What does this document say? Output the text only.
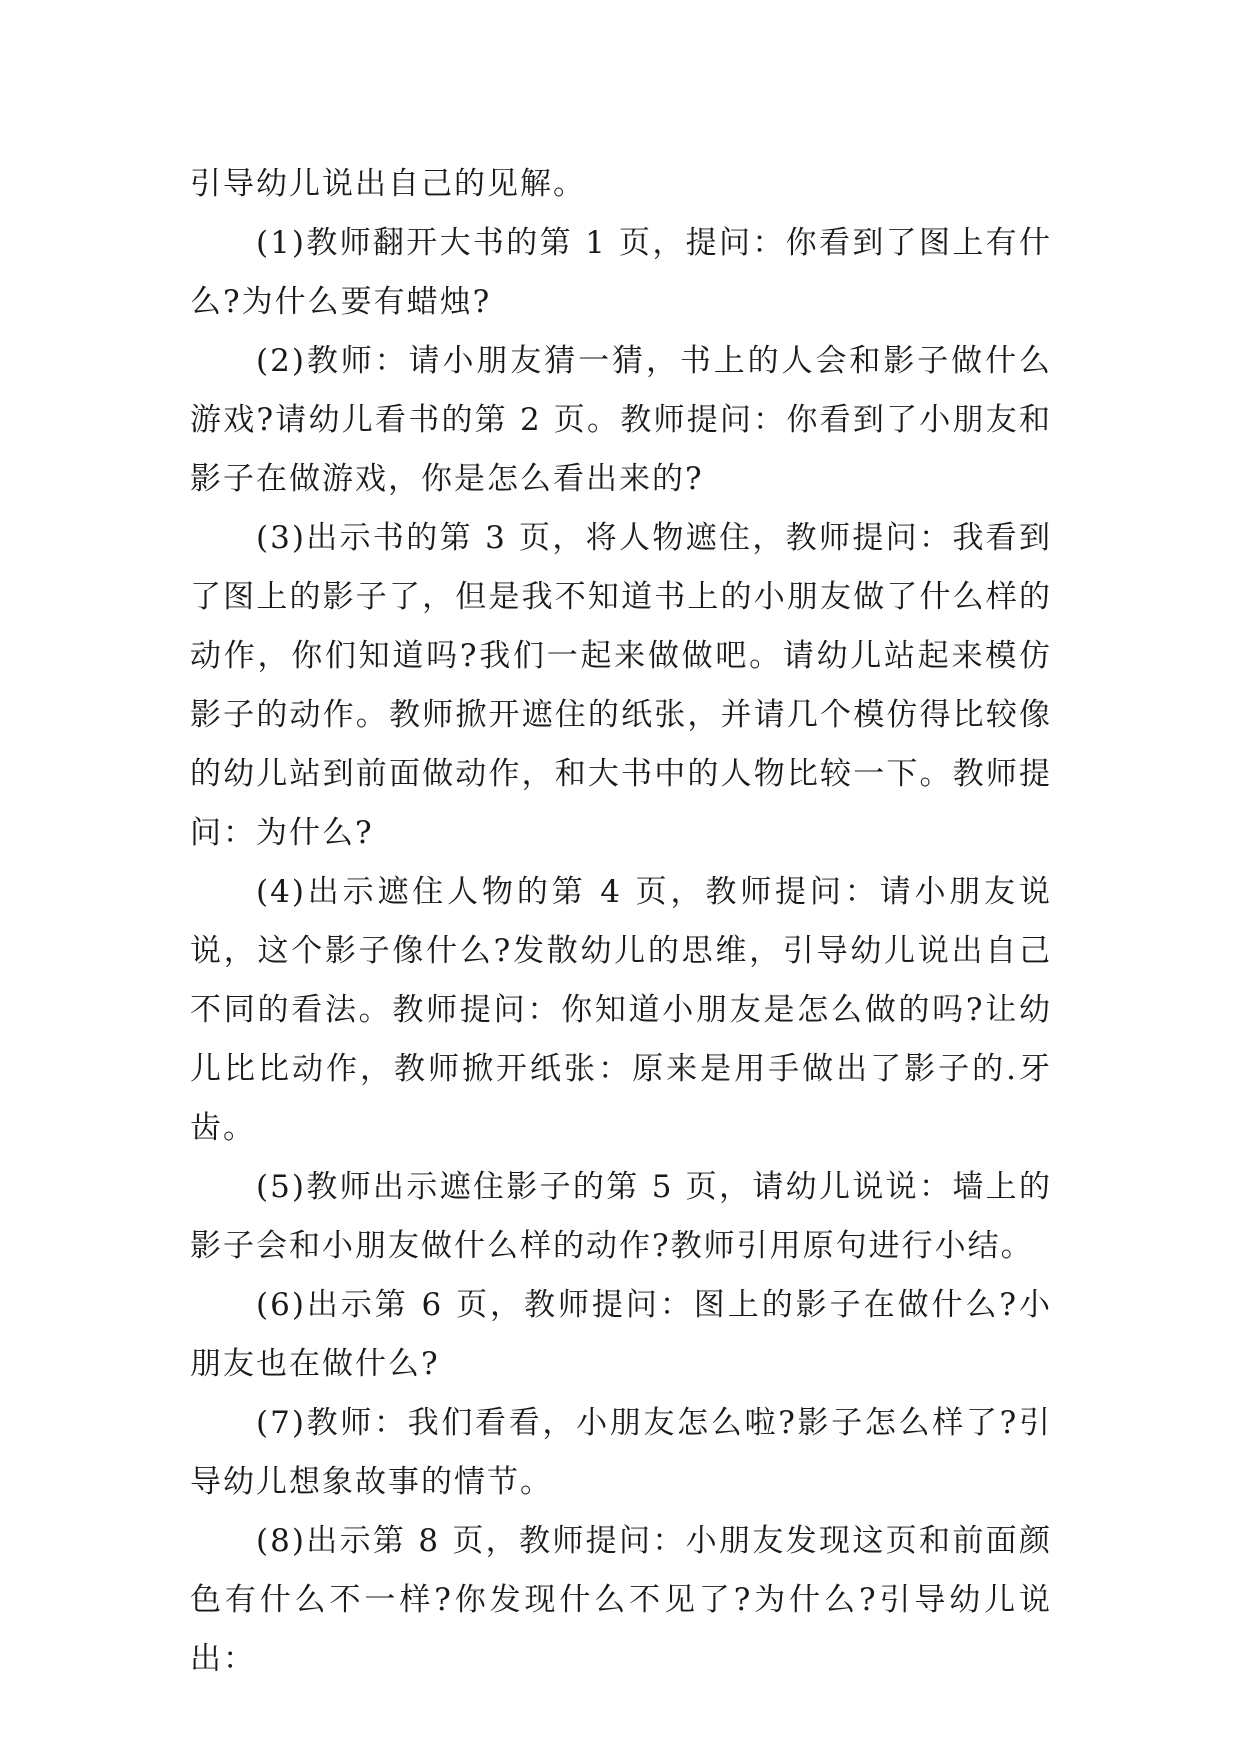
引导幼儿说出自己的见解。

(1)教师翻开大书的第 1 页，提问：你看到了图上有什么?为什么要有蜡烛?

(2)教师：请小朋友猜一猜，书上的人会和影子做什么游戏?请幼儿看书的第 2 页。教师提问：你看到了小朋友和影子在做游戏，你是怎么看出来的?

(3)出示书的第 3 页，将人物遮住，教师提问：我看到了图上的影子了，但是我不知道书上的小朋友做了什么样的动作，你们知道吗?我们一起来做做吧。请幼儿站起来模仿影子的动作。教师掀开遮住的纸张，并请几个模仿得比较像的幼儿站到前面做动作，和大书中的人物比较一下。教师提问：为什么?

(4)出示遮住人物的第 4 页，教师提问：请小朋友说说，这个影子像什么?发散幼儿的思维，引导幼儿说出自己不同的看法。教师提问：你知道小朋友是怎么做的吗?让幼儿比比动作，教师掀开纸张：原来是用手做出了影子的.牙齿。

(5)教师出示遮住影子的第 5 页，请幼儿说说：墙上的影子会和小朋友做什么样的动作?教师引用原句进行小结。

(6)出示第 6 页，教师提问：图上的影子在做什么?小朋友也在做什么?

(7)教师：我们看看，小朋友怎么啦?影子怎么样了?引导幼儿想象故事的情节。

(8)出示第 8 页，教师提问：小朋友发现这页和前面颜色有什么不一样?你发现什么不见了?为什么?引导幼儿说出：
